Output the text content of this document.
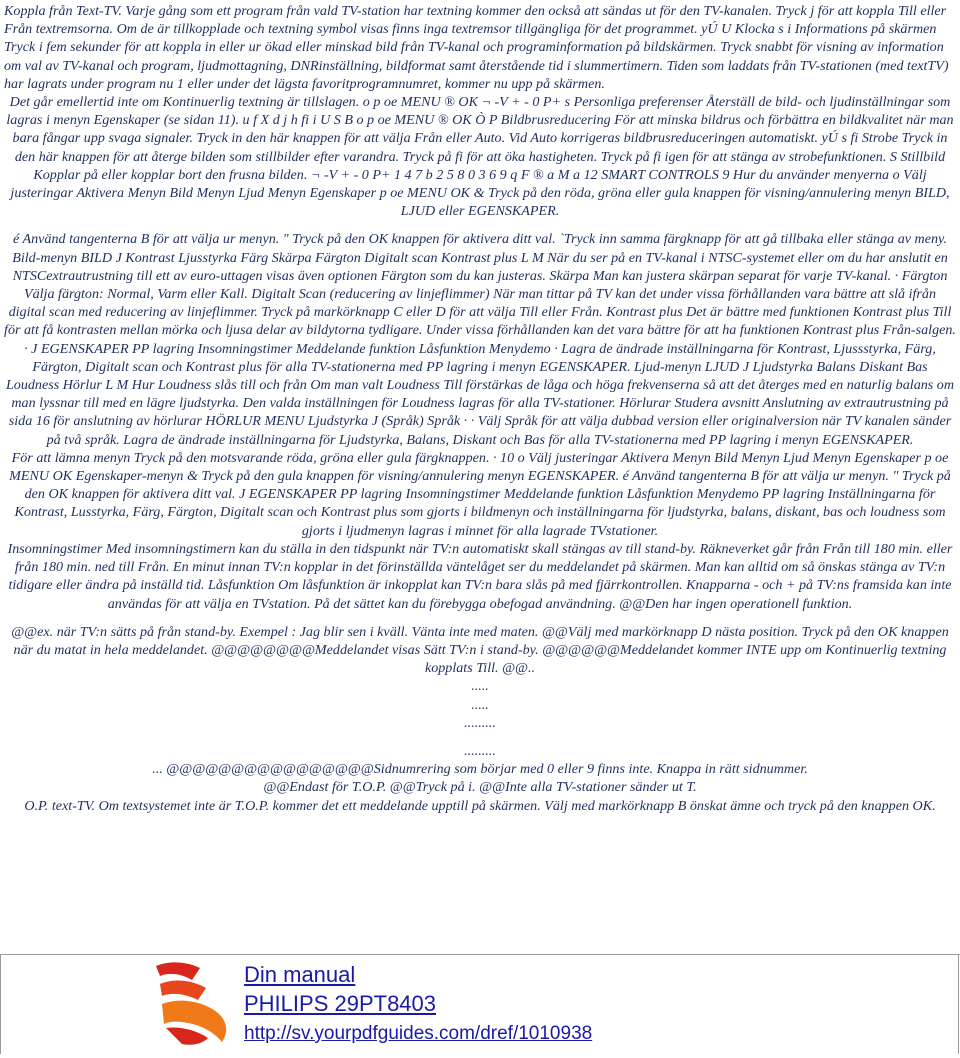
Koppla från Text-TV. Varje gång som ett program från vald TV-station har textning kommer den också att sändas ut för den TV-kanalen. Tryck j för att koppla Till eller Från textremsorna. Om de är tillkopplade och textning symbol visas finns inga textremsor tillgängliga för det programmet. yÚ U Klocka s i Informations på skärmen Tryck i fem sekunder för att koppla in eller ur ökad eller minskad bild från TV-kanal och programinformation på bildskärmen. Tryck snabbt för visning av information om val av TV-kanal och program, ljudmottagning, DNRinställning, bildformat samt återstående tid i slummertimern. Tiden som laddats från TV-stationen (med textTV) har lagrats under program nu 1 eller under det lägsta favoritprogramnumret, kommer nu upp på skärmen.

Det går emellertid inte om Kontinuerlig textning är tillslagen. o p oe MENU ® OK ¬ -V + - 0 P+ s Personliga preferenser Återställ de bild- och ljudinställningar som lagras i menyn Egenskaper (se sidan 11). u f X d j h fi i U S B o p oe MENU ® OK Ò P Bildbrusreducering För att minska bildrus och förbättra en bildkvalitet när man bara fångar upp svaga signaler. Tryck in den här knappen för att välja Från eller Auto. Vid Auto korrigeras bildbrusreduceringen automatiskt. yÚ s fi Strobe Tryck in den här knappen för att återge bilden som stillbilder efter varandra. Tryck på fi för att öka hastigheten. Tryck på fi igen för att stänga av strobefunktionen. S Stillbild Kopplar på eller kopplar bort den frusna bilden. ¬ -V + - 0 P+ 1 4 7 b 2 5 8 0 3 6 9 q F ® a M a 12 SMART CONTROLS 9 Hur du använder menyerna o Välj justeringar Aktivera Menyn Bild Menyn Ljud Menyn Egenskaper p oe MENU OK & Tryck på den röda, gröna eller gula knappen för visning/annulering menyn BILD, LJUD eller EGENSKAPER.

é Använd tangenterna B för att välja ur menyn. " Tryck på den OK knappen för aktivera ditt val. `Tryck inn samma färgknapp för att gå tillbaka eller stänga av meny. Bild-menyn BILD J Kontrast Ljusstyrka Färg Skärpa Färgton Digitalt scan Kontrast plus L M När du ser på en TV-kanal i NTSC-systemet eller om du har anslutit en NTSCextrautrustning till ett av euro-uttagen visas även optionen Färgton som du kan justeras. Skärpa Man kan justera skärpan separat för varje TV-kanal. · Färgton Välja färgton: Normal, Varm eller Kall. Digitalt Scan (reducering av linjeflimmer) När man tittar på TV kan det under vissa förhållanden vara bättre att slå ifrån digital scan med reducering av linjeflimmer. Tryck på markörknapp C eller D för att välja Till eller Från. Kontrast plus Det är bättre med funktionen Kontrast plus Till för att få kontrasten mellan mörka och ljusa delar av bildytorna tydligare. Under vissa förhållanden kan det vara bättre för att ha funktionen Kontrast plus Från-salgen.

· J EGENSKAPER PP lagring Insomningstimer Meddelande funktion Låsfunktion Menydemo · Lagra de ändrade inställningarna för Kontrast, Ljussstyrka, Färg, Färgton, Digitalt scan och Kontrast plus för alla TV-stationerna med PP lagring i menyn EGENSKAPER. Ljud-menyn LJUD J Ljudstyrka Balans Diskant Bas Loudness Hörlur L M Hur Loudness slås till och från Om man valt Loudness Till förstärkas de låga och höga frekvenserna så att det återges med en naturlig balans om man lyssnar till med en lägre ljudstyrka. Den valda inställningen för Loudness lagras för alla TV-stationer. Hörlurar Studera avsnitt Anslutning av extrautrustning på sida 16 för anslutning av hörlurar HÖRLUR MENU Ljudstyrka J (Språk) Språk · · Välj Språk för att välja dubbad version eller originalversion när TV kanalen sänder på två språk. Lagra de ändrade inställningarna för Ljudstyrka, Balans, Diskant och Bas för alla TV-stationerna med PP lagring i menyn EGENSKAPER.

För att lämna menyn Tryck på den motsvarande röda, gröna eller gula färgknappen. · 10 o Välj justeringar Aktivera Menyn Bild Menyn Ljud Menyn Egenskaper p oe MENU OK Egenskaper-menyn & Tryck på den gula knappen för visning/annulering menyn EGENSKAPER. é Använd tangenterna B för att välja ur menyn. " Tryck på den OK knappen för aktivera ditt val. J EGENSKAPER PP lagring Insomningstimer Meddelande funktion Låsfunktion Menydemo PP lagring Inställningarna för Kontrast, Lusstyrka, Färg, Färgton, Digitalt scan och Kontrast plus som gjorts i bildmenyn och inställningarna för ljudstyrka, balans, diskant, bas och loudness som gjorts i ljudmenyn lagras i minnet för alla lagrade TVstationer.

Insomningstimer Med insomningstimern kan du ställa in den tidspunkt när TV:n automatiskt skall stängas av till stand-by. Räkneverket går från Från till 180 min. eller från 180 min. ned till Från. En minut innan TV:n kopplar in det förinställda väntelåget ser du meddelandet på skärmen. Man kan alltid om så önskas stänga av TV:n tidigare eller ändra på inställd tid. Låsfunktion Om låsfunktion är inkopplat kan TV:n bara slås på med fjärrkontrollen. Knapparna - och + på TV:ns framsida kan inte användas för att välja en TVstation. På det sättet kan du förebygga obefogad användning. @@Den har ingen operationell funktion.

@@ex. när TV:n sätts på från stand-by. Exempel : Jag blir sen i kväll. Vänta inte med maten. @@Välj med markörknapp D nästa position. Tryck på den OK knappen när du matat in hela meddelandet. @@@@@@@@Meddelandet visas Sätt TV:n i stand-by. @@@@@@Meddelandet kommer INTE upp om Kontinuerlig textning kopplats Till. @@..

.....

.....

.........

.........

... @@@@@@@@@@@@@@@@Sidnumrering som börjar med 0 eller 9 finns inte. Knappa in rätt sidnummer.

@@Endast för T.O.P. @@Tryck på i. @@Inte alla TV-stationer sänder ut T.

O.P. text-TV. Om textsystemet inte är T.O.P. kommer det ett meddelande upptill på skärmen. Välj med markörknapp B önskat ämne och tryck på den knappen OK.

Din manual
PHILIPS 29PT8403
http://sv.yourpdfguides.com/dref/1010938
